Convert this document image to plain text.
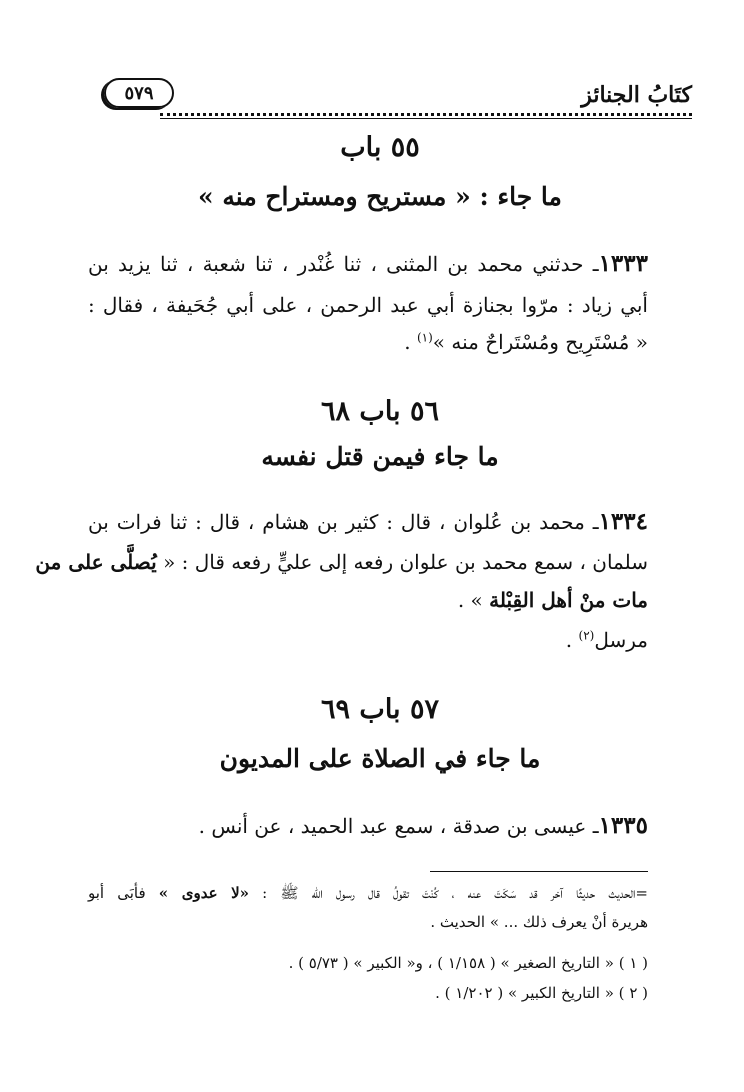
كتَابُ الجنائز
٥٧٩
٥٥ باب
ما جاء : « مستريح ومستراح منه »
١٣٣٣ـ حدثني محمد بن المثنى ، ثنا غُنْدر ، ثنا شعبة ، ثنا يزيد بن
أبي زياد : مرّوا بجنازة أبي عبد الرحمن ، على أبي جُحَيفة ، فقال :
« مُسْتَرِيح ومُسْتَراحٌ منه »$^{(١)}$ .
٥٦ باب ٦٨
ما جاء فيمن قتل نفسه
١٣٣٤ـ محمد بن عُلوان ، قال : كثير بن هشام ، قال : ثنا فرات بن
سلمان ، سمع محمد بن علوان رفعه إلى عليٍّ رفعه قال : « يُصلَّى على من
مات منْ أهل القِبْلة » .
مرسل$^{(٢)}$ .
٥٧ باب ٦٩
ما جاء في الصلاة على المديون
١٣٣٥ـ عيسى بن صدقة ، سمع عبد الحميد ، عن أنس .
=الحديث حديثًا آخر قد سَكَتَ عنه ، كُنْتَ تقولُ قال رسول الله ﷺ : «لا عدوى » فأبَى أبو
هريرة أنْ يعرف ذلك ... » الحديث .
( ١ ) « التاريخ الصغير » ( ١/١٥٨ ) ، و« الكبير » ( ٥/٧٣ ) .
( ٢ ) « التاريخ الكبير » ( ١/٢٠٢ ) .
